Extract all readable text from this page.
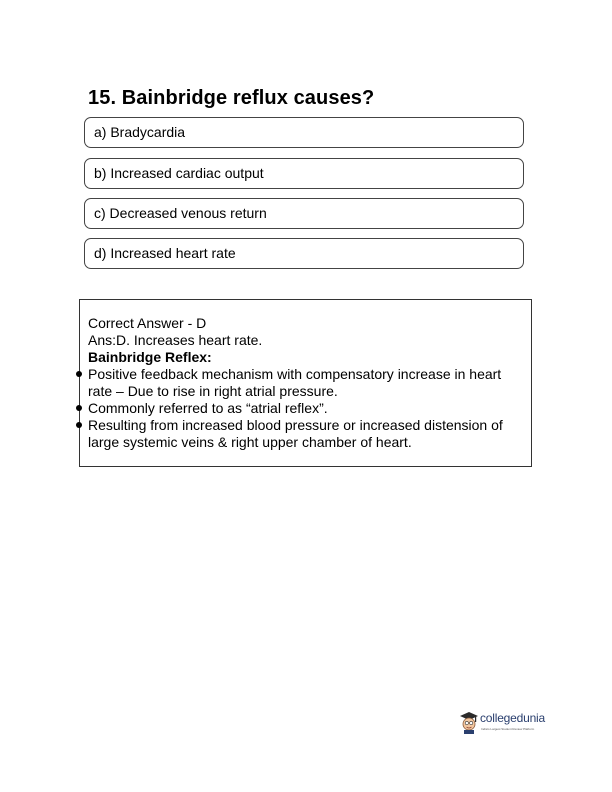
15. Bainbridge reflux causes?
a) Bradycardia
b) Increased cardiac output
c) Decreased venous return
d) Increased heart rate

Correct Answer - D

Ans:D. Increases heart rate.

Bainbridge Reflex:

Positive feedback mechanism with compensatory increase in heart

rate – Due to rise in right atrial pressure.

Commonly referred to as “atrial reflex”.

Resulting from increased blood pressure or increased distension of

large systemic veins & right upper chamber of heart.

collegedunia
India's Largest Student Review Platform
